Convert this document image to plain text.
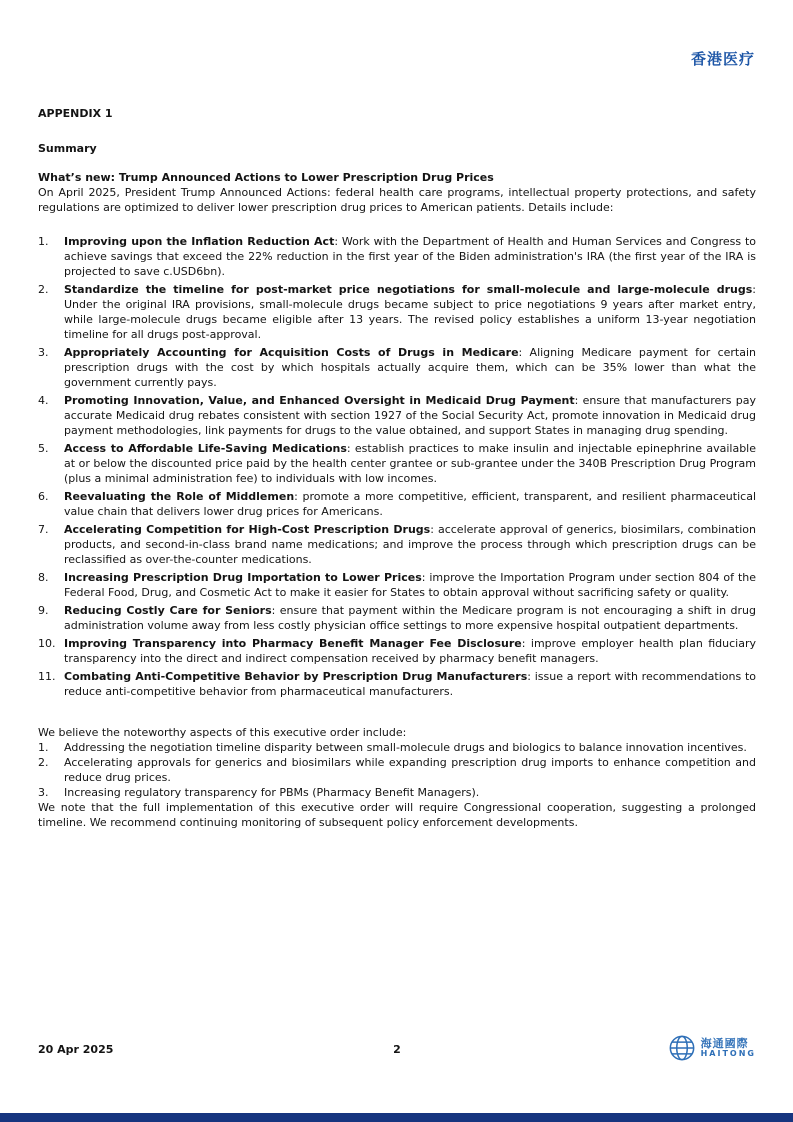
香港医疗
APPENDIX 1
Summary
What’s new: Trump Announced Actions to Lower Prescription Drug Prices
On April 2025, President Trump Announced Actions: federal health care programs, intellectual property protections, and safety regulations are optimized to deliver lower prescription drug prices to American patients. Details include:
1.	Improving upon the Inflation Reduction Act: Work with the Department of Health and Human Services and Congress to achieve savings that exceed the 22% reduction in the first year of the Biden administration's IRA (the first year of the IRA is projected to save c.USD6bn).
2.	Standardize the timeline for post-market price negotiations for small-molecule and large-molecule drugs: Under the original IRA provisions, small-molecule drugs became subject to price negotiations 9 years after market entry, while large-molecule drugs became eligible after 13 years. The revised policy establishes a uniform 13-year negotiation timeline for all drugs post-approval.
3.	Appropriately Accounting for Acquisition Costs of Drugs in Medicare: Aligning Medicare payment for certain prescription drugs with the cost by which hospitals actually acquire them, which can be 35% lower than what the government currently pays.
4.	Promoting Innovation, Value, and Enhanced Oversight in Medicaid Drug Payment: ensure that manufacturers pay accurate Medicaid drug rebates consistent with section 1927 of the Social Security Act, promote innovation in Medicaid drug payment methodologies, link payments for drugs to the value obtained, and support States in managing drug spending.
5.	Access to Affordable Life-Saving Medications: establish practices to make insulin and injectable epinephrine available at or below the discounted price paid by the health center grantee or sub-grantee under the 340B Prescription Drug Program (plus a minimal administration fee) to individuals with low incomes.
6.	Reevaluating the Role of Middlemen: promote a more competitive, efficient, transparent, and resilient pharmaceutical value chain that delivers lower drug prices for Americans.
7.	Accelerating Competition for High-Cost Prescription Drugs: accelerate approval of generics, biosimilars, combination products, and second-in-class brand name medications; and improve the process through which prescription drugs can be reclassified as over-the-counter medications.
8.	Increasing Prescription Drug Importation to Lower Prices: improve the Importation Program under section 804 of the Federal Food, Drug, and Cosmetic Act to make it easier for States to obtain approval without sacrificing safety or quality.
9.	Reducing Costly Care for Seniors: ensure that payment within the Medicare program is not encouraging a shift in drug administration volume away from less costly physician office settings to more expensive hospital outpatient departments.
10. Improving Transparency into Pharmacy Benefit Manager Fee Disclosure: improve employer health plan fiduciary transparency into the direct and indirect compensation received by pharmacy benefit managers.
11. Combating Anti-Competitive Behavior by Prescription Drug Manufacturers: issue a report with recommendations to reduce anti-competitive behavior from pharmaceutical manufacturers.
We believe the noteworthy aspects of this executive order include:
1.	Addressing the negotiation timeline disparity between small-molecule drugs and biologics to balance innovation incentives.
2.	Accelerating approvals for generics and biosimilars while expanding prescription drug imports to enhance competition and reduce drug prices.
3.	Increasing regulatory transparency for PBMs (Pharmacy Benefit Managers).
We note that the full implementation of this executive order will require Congressional cooperation, suggesting a prolonged timeline. We recommend continuing monitoring of subsequent policy enforcement developments.
20 Apr 2025	2	海通國際
HAITONG
